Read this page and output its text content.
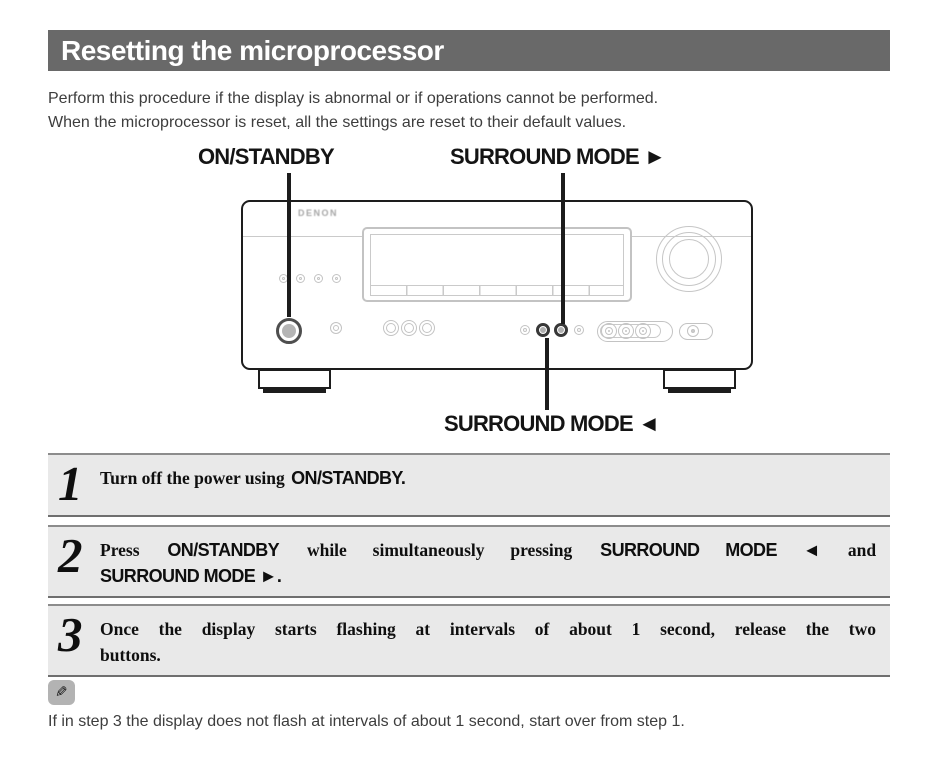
Resetting the microprocessor
Perform this procedure if the display is abnormal or if operations cannot be performed.
When the microprocessor is reset, all the settings are reset to their default values.
ON/STANDBY	SURROUND MODE ►
SURROUND MODE ◄
DENON
1	Turn off the power using ON/STANDBY.
2	Press ON/STANDBY while simultaneously pressing SURROUND MODE ◄ and
SURROUND MODE ►.
3	Once the display starts flashing at intervals of about 1 second, release the two
buttons.
✎
If in step 3 the display does not flash at intervals of about 1 second, start over from step 1.
